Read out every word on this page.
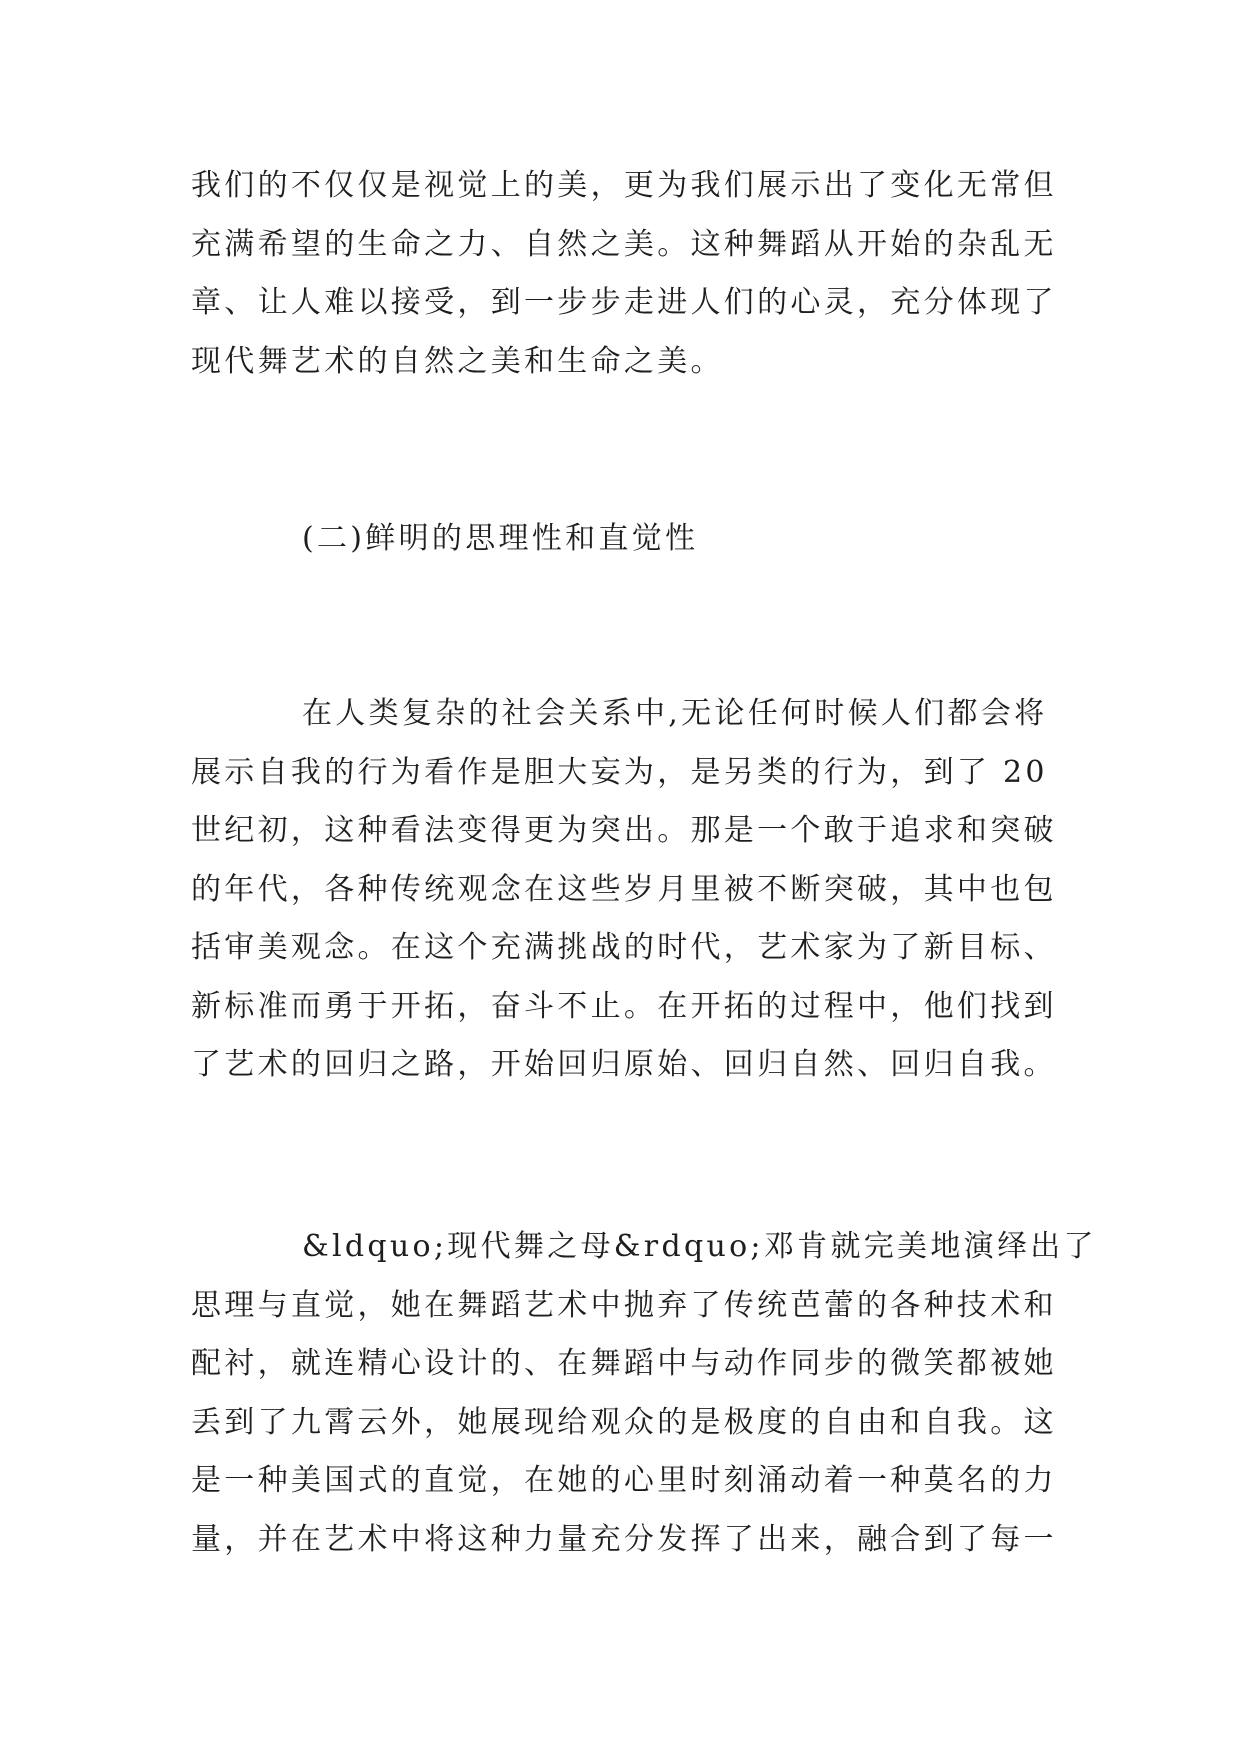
我们的不仅仅是视觉上的美，更为我们展示出了变化无常但
充满希望的生命之力、自然之美。这种舞蹈从开始的杂乱无
章、让人难以接受，到一步步走进人们的心灵，充分体现了
现代舞艺术的自然之美和生命之美。
(二)鲜明的思理性和直觉性
在人类复杂的社会关系中,无论任何时候人们都会将
展示自我的行为看作是胆大妄为，是另类的行为，到了 20
世纪初，这种看法变得更为突出。那是一个敢于追求和突破
的年代，各种传统观念在这些岁月里被不断突破，其中也包
括审美观念。在这个充满挑战的时代，艺术家为了新目标、
新标准而勇于开拓，奋斗不止。在开拓的过程中，他们找到
了艺术的回归之路，开始回归原始、回归自然、回归自我。
&ldquo;现代舞之母&rdquo;邓肯就完美地演绎出了
思理与直觉，她在舞蹈艺术中抛弃了传统芭蕾的各种技术和
配衬，就连精心设计的、在舞蹈中与动作同步的微笑都被她
丢到了九霄云外，她展现给观众的是极度的自由和自我。这
是一种美国式的直觉，在她的心里时刻涌动着一种莫名的力
量，并在艺术中将这种力量充分发挥了出来，融合到了每一
